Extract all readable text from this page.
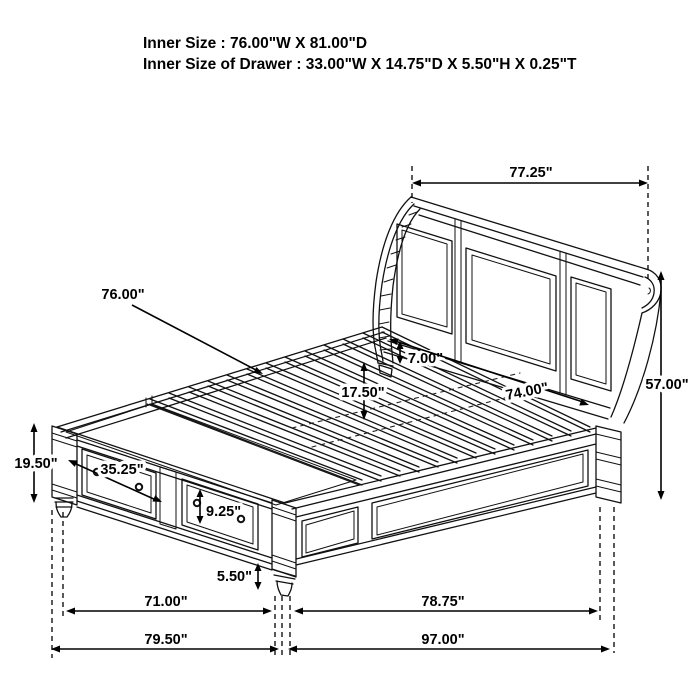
77.25"
57.00"
7.00"
74.00"
17.50"
76.00"
19.50"	35.25"
9.25"
5.50"
71.00"	78.75"
79.50"	97.00"
Inner Size : 76.00"W X 81.00"D
Inner Size of Drawer : 33.00"W X 14.75"D X 5.50"H X 0.25"T
